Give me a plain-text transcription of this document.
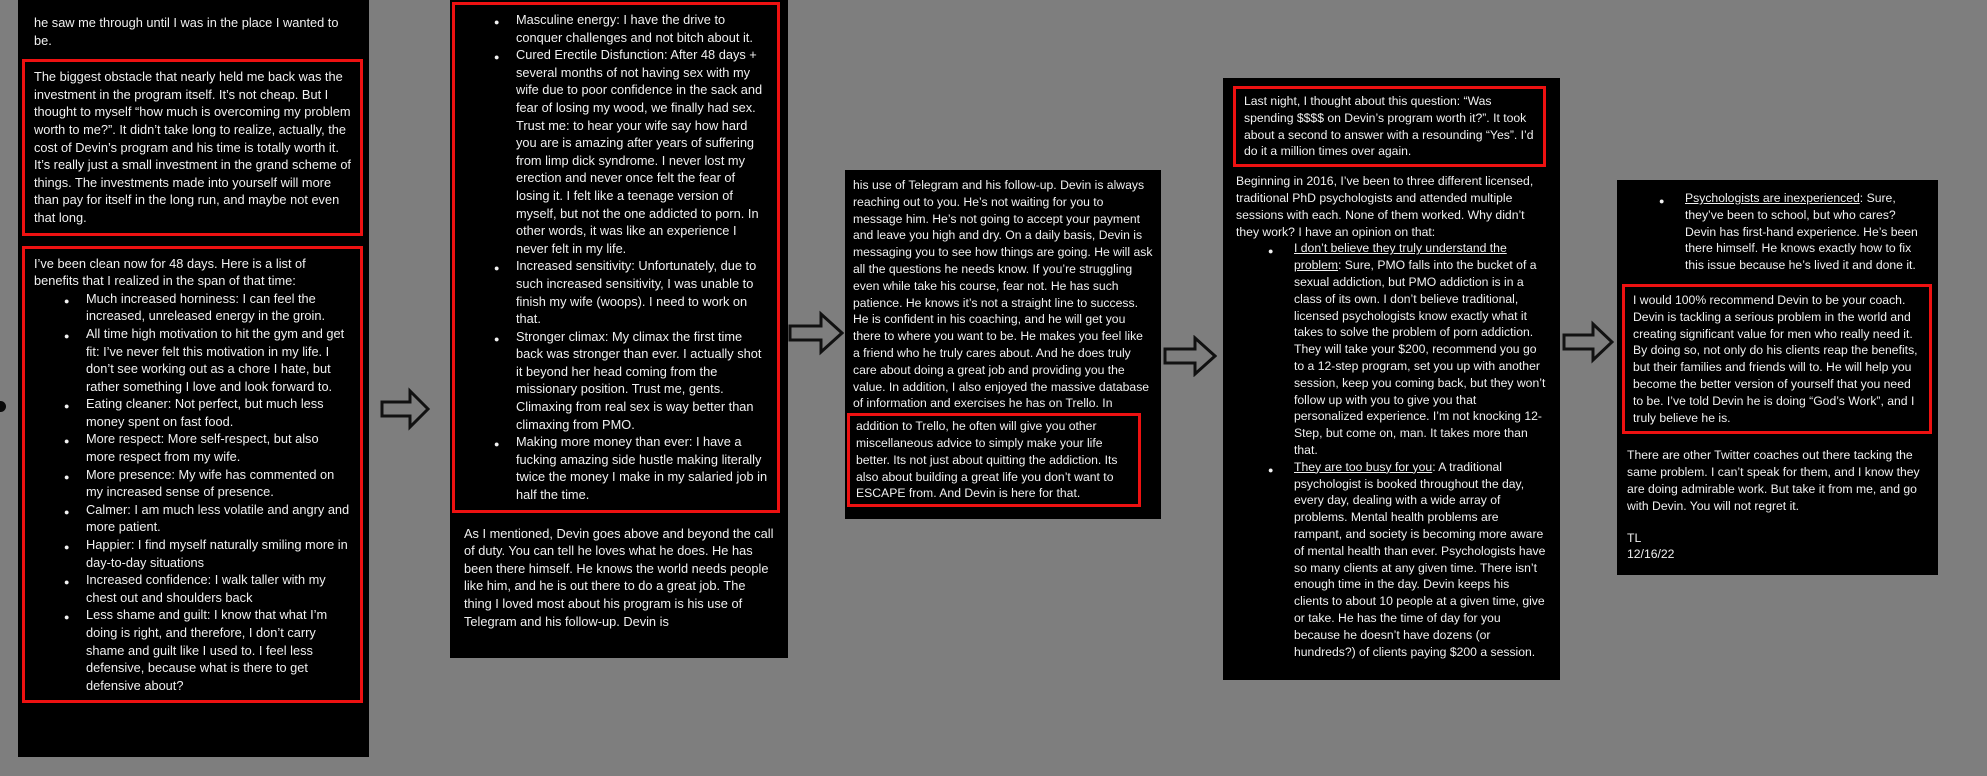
he saw me through until I was in the place I wanted to be.
The biggest obstacle that nearly held me back was the investment in the program itself. It’s not cheap. But I thought to myself “how much is overcoming my problem worth to me?”. It didn’t take long to realize, actually, the cost of Devin’s program and his time is totally worth it. It’s really just a small investment in the grand scheme of things. The investments made into yourself will more than pay for itself in the long run, and maybe not even that long.
I’ve been clean now for 48 days. Here is a list of benefits that I realized in the span of that time:
● Much increased horniness: I can feel the increased, unreleased energy in the groin.
● All time high motivation to hit the gym and get fit: I’ve never felt this motivation in my life. I don’t see working out as a chore I hate, but rather something I love and look forward to.
● Eating cleaner: Not perfect, but much less money spent on fast food.
● More respect: More self-respect, but also more respect from my wife.
● More presence: My wife has commented on my increased sense of presence.
● Calmer: I am much less volatile and angry and more patient.
● Happier: I find myself naturally smiling more in day-to-day situations
● Increased confidence: I walk taller with my chest out and shoulders back
● Less shame and guilt: I know that what I’m doing is right, and therefore, I don’t carry shame and guilt like I used to. I feel less defensive, because what is there to get defensive about?
● Masculine energy: I have the drive to conquer challenges and not bitch about it.
● Cured Erectile Disfunction: After 48 days + several months of not having sex with my wife due to poor confidence in the sack and fear of losing my wood, we finally had sex. Trust me: to hear your wife say how hard you are is amazing after years of suffering from limp dick syndrome. I never lost my erection and never once felt the fear of losing it. I felt like a teenage version of myself, but not the one addicted to porn. In other words, it was like an experience I never felt in my life.
● Increased sensitivity: Unfortunately, due to such increased sensitivity, I was unable to finish my wife (woops). I need to work on that.
● Stronger climax: My climax the first time back was stronger than ever. I actually shot it beyond her head coming from the missionary position. Trust me, gents. Climaxing from real sex is way better than climaxing from PMO.
● Making more money than ever: I have a fucking amazing side hustle making literally twice the money I make in my salaried job in half the time.
As I mentioned, Devin goes above and beyond the call of duty. You can tell he loves what he does. He has been there himself. He knows the world needs people like him, and he is out there to do a great job. The thing I loved most about his program is his use of Telegram and his follow-up. Devin is
his use of Telegram and his follow-up. Devin is always reaching out to you. He’s not waiting for you to message him. He’s not going to accept your payment and leave you high and dry. On a daily basis, Devin is messaging you to see how things are going. He will ask all the questions he needs know. If you’re struggling even while take his course, fear not. He has such patience. He knows it’s not a straight line to success. He is confident in his coaching, and he will get you there to where you want to be. He makes you feel like a friend who he truly cares about. And he does truly care about doing a great job and providing you the value. In addition, I also enjoyed the massive database of information and exercises he has on Trello. In
addition to Trello, he often will give you other miscellaneous advice to simply make your life better. Its not just about quitting the addiction. Its also about building a great life you don’t want to ESCAPE from. And Devin is here for that.
Last night, I thought about this question: “Was spending $$$$ on Devin’s program worth it?”. It took about a second to answer with a resounding “Yes”. I’d do it a million times over again.
Beginning in 2016, I’ve been to three different licensed, traditional PhD psychologists and attended multiple sessions with each. None of them worked. Why didn’t they work? I have an opinion on that:
● I don’t believe they truly understand the problem: Sure, PMO falls into the bucket of a sexual addiction, but PMO addiction is in a class of its own. I don’t believe traditional, licensed psychologists know exactly what it takes to solve the problem of porn addiction. They will take your $200, recommend you go to a 12-step program, set you up with another session, keep you coming back, but they won’t follow up with you to give you that personalized experience. I’m not knocking 12-Step, but come on, man. It takes more than that.
● They are too busy for you: A traditional psychologist is booked throughout the day, every day, dealing with a wide array of problems. Mental health problems are rampant, and society is becoming more aware of mental health than ever. Psychologists have so many clients at any given time. There isn’t enough time in the day. Devin keeps his clients to about 10 people at a given time, give or take. He has the time of day for you because he doesn’t have dozens (or hundreds?) of clients paying $200 a session.
● Psychologists are inexperienced: Sure, they’ve been to school, but who cares? Devin has first-hand experience. He’s been there himself. He knows exactly how to fix this issue because he’s lived it and done it.
I would 100% recommend Devin to be your coach. Devin is tackling a serious problem in the world and creating significant value for men who really need it. By doing so, not only do his clients reap the benefits, but their families and friends will to. He will help you become the better version of yourself that you need to be. I’ve told Devin he is doing “God’s Work”, and I truly believe he is.
There are other Twitter coaches out there tacking the same problem. I can’t speak for them, and I know they are doing admirable work. But take it from me, and go with Devin. You will not regret it.
TL
12/16/22
